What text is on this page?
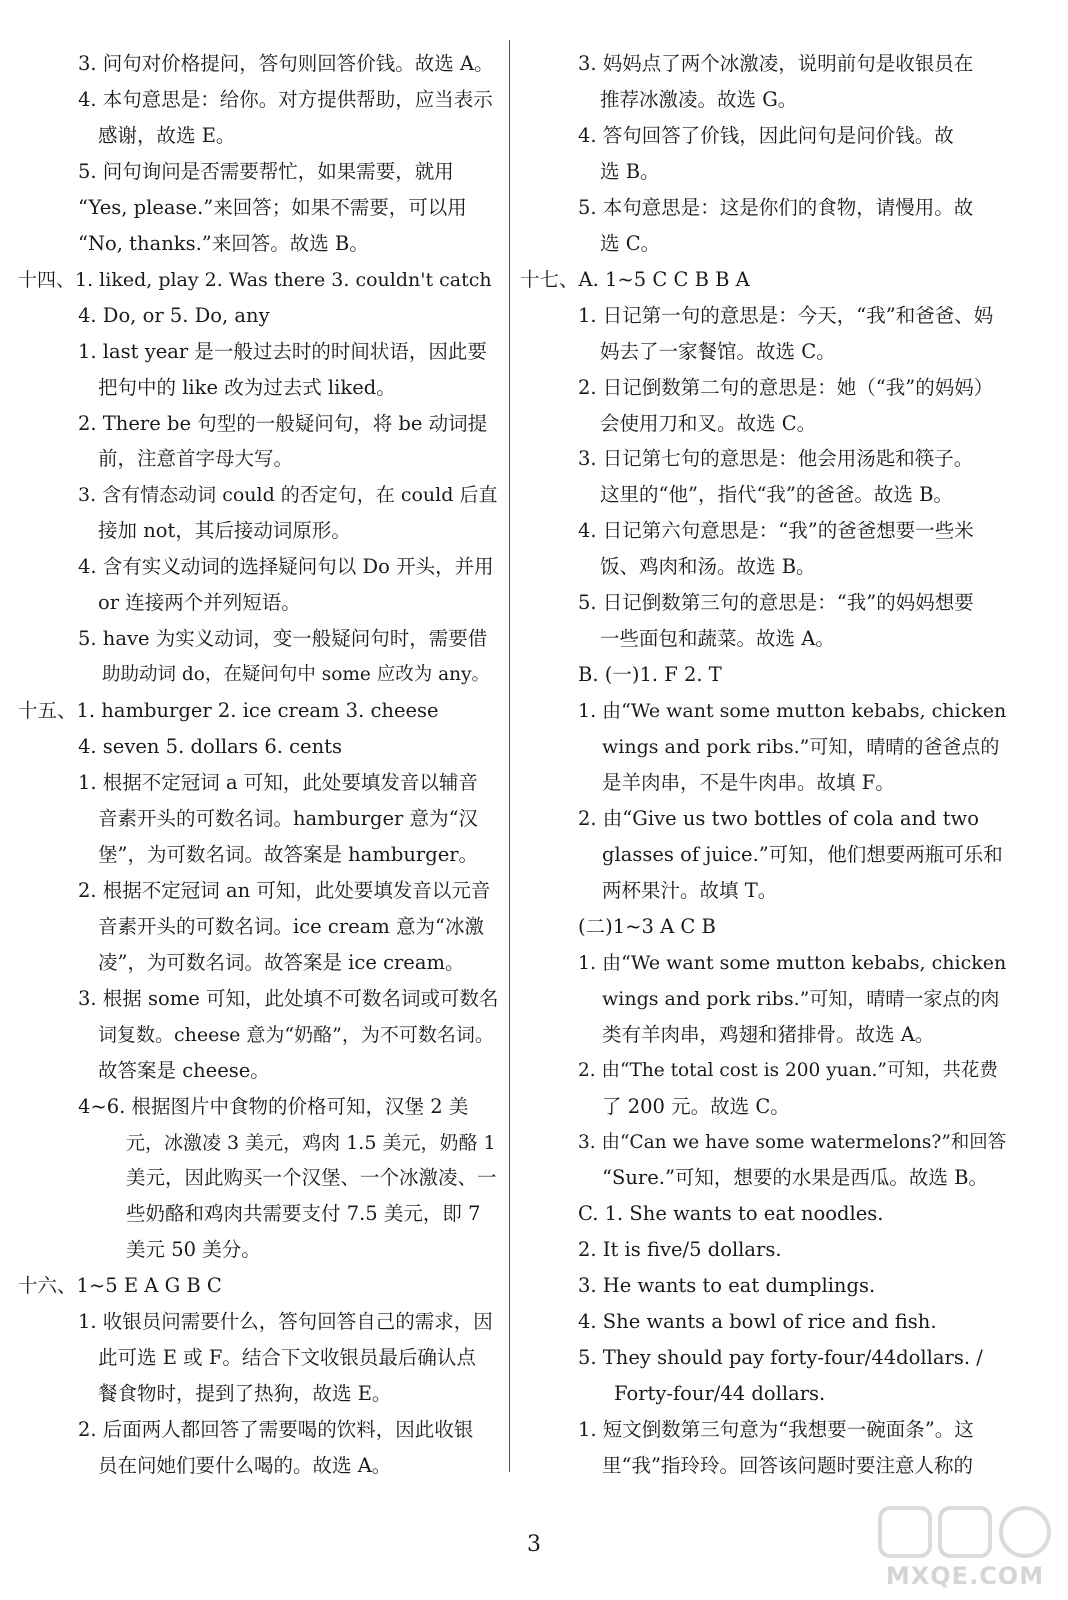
3. 问句对价格提问，答句则回答价钱。故选 A。
4. 本句意思是：给你。对方提供帮助，应当表示
感谢，故选 E。
5. 问句询问是否需要帮忙，如果需要，就用
“Yes, please.”来回答；如果不需要，可以用
“No, thanks.”来回答。故选 B。
十四、1. liked, play 2. Was there 3. couldn't catch
4. Do, or 5. Do, any
1. last year 是一般过去时的时间状语，因此要
把句中的 like 改为过去式 liked。
2. There be 句型的一般疑问句，将 be 动词提
前，注意首字母大写。
3. 含有情态动词 could 的否定句，在 could 后直
接加 not，其后接动词原形。
4. 含有实义动词的选择疑问句以 Do 开头，并用
or 连接两个并列短语。
5. have 为实义动词，变一般疑问句时，需要借
助助动词 do，在疑问句中 some 应改为 any。
十五、1. hamburger 2. ice cream 3. cheese
4. seven 5. dollars 6. cents
1. 根据不定冠词 a 可知，此处要填发音以辅音
音素开头的可数名词。hamburger 意为“汉
堡”，为可数名词。故答案是 hamburger。
2. 根据不定冠词 an 可知，此处要填发音以元音
音素开头的可数名词。ice cream 意为“冰激
凌”，为可数名词。故答案是 ice cream。
3. 根据 some 可知，此处填不可数名词或可数名
词复数。cheese 意为“奶酪”，为不可数名词。
故答案是 cheese。
4~6. 根据图片中食物的价格可知，汉堡 2 美
元，冰激凌 3 美元，鸡肉 1.5 美元，奶酪 1
美元，因此购买一个汉堡、一个冰激凌、一
些奶酪和鸡肉共需要支付 7.5 美元，即 7
美元 50 美分。
十六、1~5 E A G B C
1. 收银员问需要什么，答句回答自己的需求，因
此可选 E 或 F。结合下文收银员最后确认点
餐食物时，提到了热狗，故选 E。
2. 后面两人都回答了需要喝的饮料，因此收银
员在问她们要什么喝的。故选 A。
3. 妈妈点了两个冰激凌，说明前句是收银员在
推荐冰激凌。故选 G。
4. 答句回答了价钱，因此问句是问价钱。故
选 B。
5. 本句意思是：这是你们的食物，请慢用。故
选 C。
十七、A. 1~5 C C B B A
1. 日记第一句的意思是：今天，“我”和爸爸、妈
妈去了一家餐馆。故选 C。
2. 日记倒数第二句的意思是：她（“我”的妈妈）
会使用刀和叉。故选 C。
3. 日记第七句的意思是：他会用汤匙和筷子。
这里的“他”，指代“我”的爸爸。故选 B。
4. 日记第六句意思是：“我”的爸爸想要一些米
饭、鸡肉和汤。故选 B。
5. 日记倒数第三句的意思是：“我”的妈妈想要
一些面包和蔬菜。故选 A。
B. (一)1. F 2. T
1. 由“We want some mutton kebabs, chicken
wings and pork ribs.”可知，晴晴的爸爸点的
是羊肉串，不是牛肉串。故填 F。
2. 由“Give us two bottles of cola and two
glasses of juice.”可知，他们想要两瓶可乐和
两杯果汁。故填 T。
(二)1~3 A C B
1. 由“We want some mutton kebabs, chicken
wings and pork ribs.”可知，晴晴一家点的肉
类有羊肉串，鸡翅和猪排骨。故选 A。
2. 由“The total cost is 200 yuan.”可知，共花费
了 200 元。故选 C。
3. 由“Can we have some watermelons?”和回答
“Sure.”可知，想要的水果是西瓜。故选 B。
C. 1. She wants to eat noodles.
2. It is five/5 dollars.
3. He wants to eat dumplings.
4. She wants a bowl of rice and fish.
5. They should pay forty-four/44dollars. /
Forty-four/44 dollars.
1. 短文倒数第三句意为“我想要一碗面条”。这
里“我”指玲玲。回答该问题时要注意人称的
3
MXQE.COM
